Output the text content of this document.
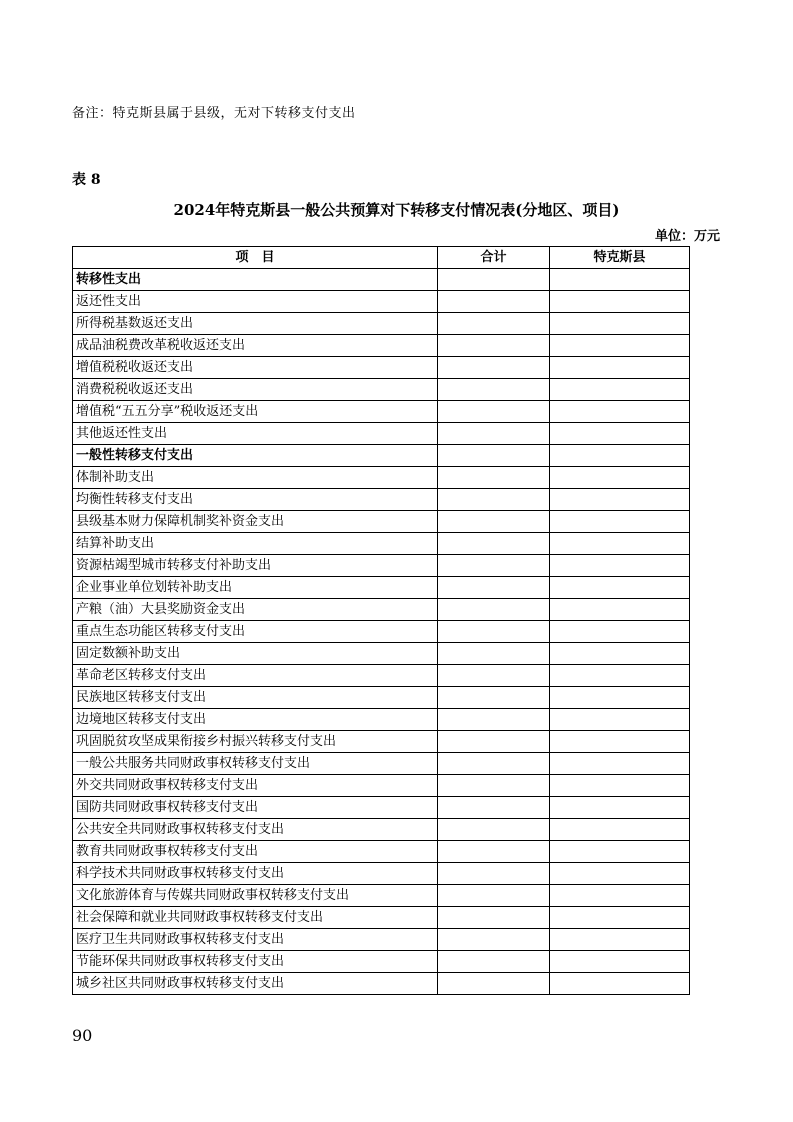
备注：特克斯县属于县级，无对下转移支付支出
表 8
2024年特克斯县一般公共预算对下转移支付情况表(分地区、项目)
单位：万元
项　目	合计	特克斯县
转移性支出		
返还性支出		
所得税基数返还支出		
成品油税费改革税收返还支出		
增值税税收返还支出		
消费税税收返还支出		
增值税“五五分享”税收返还支出		
其他返还性支出		
一般性转移支付支出		
体制补助支出		
均衡性转移支付支出		
县级基本财力保障机制奖补资金支出		
结算补助支出		
资源枯竭型城市转移支付补助支出		
企业事业单位划转补助支出		
产粮（油）大县奖励资金支出		
重点生态功能区转移支付支出		
固定数额补助支出		
革命老区转移支付支出		
民族地区转移支付支出		
边境地区转移支付支出		
巩固脱贫攻坚成果衔接乡村振兴转移支付支出		
一般公共服务共同财政事权转移支付支出		
外交共同财政事权转移支付支出		
国防共同财政事权转移支付支出		
公共安全共同财政事权转移支付支出		
教育共同财政事权转移支付支出		
科学技术共同财政事权转移支付支出		
文化旅游体育与传媒共同财政事权转移支付支出		
社会保障和就业共同财政事权转移支付支出		
医疗卫生共同财政事权转移支付支出		
节能环保共同财政事权转移支付支出		
城乡社区共同财政事权转移支付支出		
90
